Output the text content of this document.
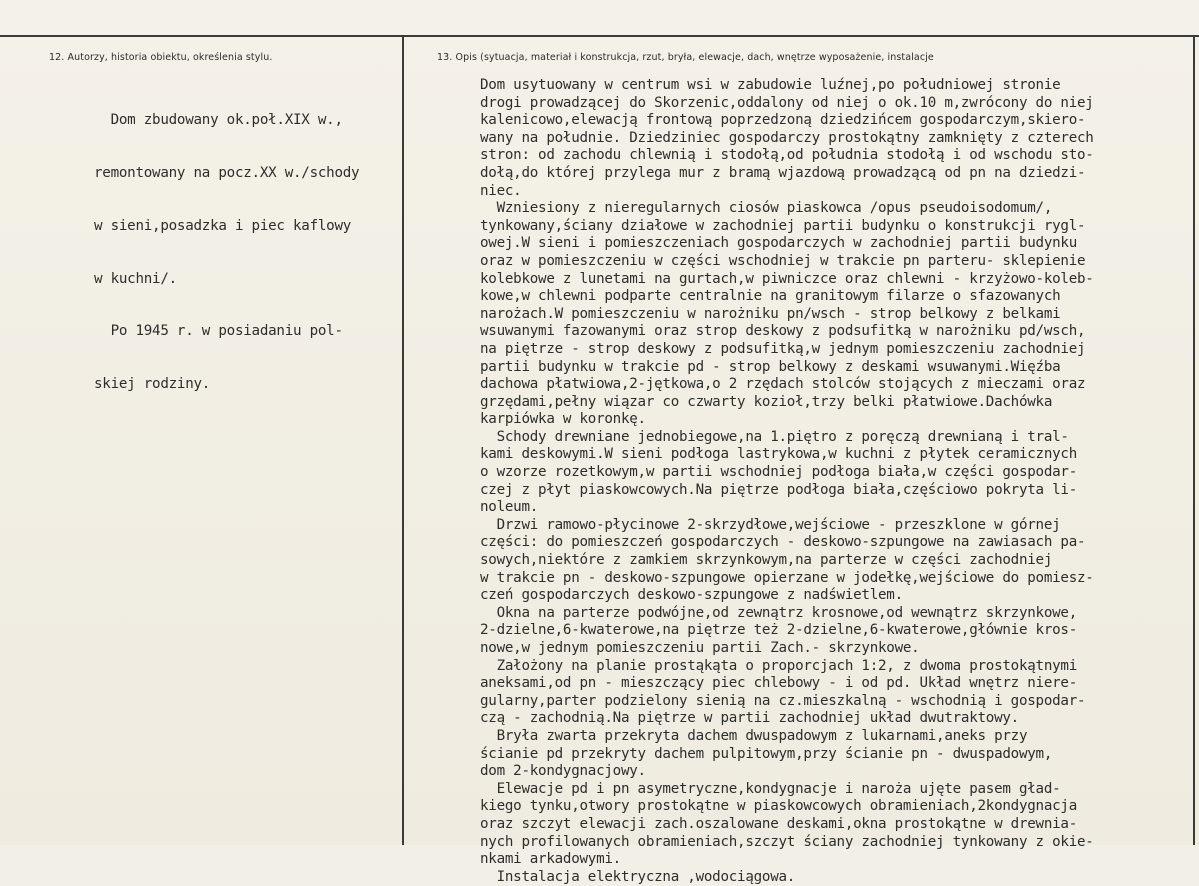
12. Autorzy, historia obiektu, określenia stylu.	13. Opis (sytuacja, materiał i konstrukcja, rzut, bryła, elewacje, dach, wnętrze wyposażenie, instalacje

Dom zbudowany ok.poł.XIX w.,

remontowany na pocz.XX w./schody

w sieni,posadzka i piec kaflowy

w kuchni/.

Po 1945 r. w posiadaniu pol-

skiej rodziny.

Dom usytuowany w centrum wsi w zabudowie luźnej,po południowej stronie
drogi prowadzącej do Skorzenic,oddalony od niej o ok.10 m,zwrócony do niej
kalenicowo,elewacją frontową poprzedzoną dziedzińcem gospodarczym,skiero-
wany na południe. Dziedziniec gospodarczy prostokątny zamknięty z czterech
stron: od zachodu chlewnią i stodołą,od południa stodołą i od wschodu sto-
dołą,do której przylega mur z bramą wjazdową prowadzącą od pn na dziedzi-
niec.
Wzniesiony z nieregularnych ciosów piaskowca /opus pseudoisodomum/,
tynkowany,ściany działowe w zachodniej partii budynku o konstrukcji rygl-
owej.W sieni i pomieszczeniach gospodarczych w zachodniej partii budynku
oraz w pomieszczeniu w części wschodniej w trakcie pn parteru- sklepienie
kolebkowe z lunetami na gurtach,w piwniczce oraz chlewni - krzyżowo-koleb-
kowe,w chlewni podparte centralnie na granitowym filarze o sfazowanych
narożach.W pomieszczeniu w narożniku pn/wsch - strop belkowy z belkami
wsuwanymi fazowanymi oraz strop deskowy z podsufitką w narożniku pd/wsch,
na piętrze - strop deskowy z podsufitką,w jednym pomieszczeniu zachodniej
partii budynku w trakcie pd - strop belkowy z deskami wsuwanymi.Więźba
dachowa płatwiowa,2-jętkowa,o 2 rzędach stolców stojących z mieczami oraz
grzędami,pełny wiązar co czwarty kozioł,trzy belki płatwiowe.Dachówka
karpiówka w koronkę.
Schody drewniane jednobiegowe,na 1.piętro z poręczą drewnianą i tral-
kami deskowymi.W sieni podłoga lastrykowa,w kuchni z płytek ceramicznych
o wzorze rozetkowym,w partii wschodniej podłoga biała,w części gospodar-
czej z płyt piaskowcowych.Na piętrze podłoga biała,częściowo pokryta li-
noleum.
Drzwi ramowo-płycinowe 2-skrzydłowe,wejściowe - przeszklone w górnej
części: do pomieszczeń gospodarczych - deskowo-szpungowe na zawiasach pa-
sowych,niektóre z zamkiem skrzynkowym,na parterze w części zachodniej
w trakcie pn - deskowo-szpungowe opierzane w jodełkę,wejściowe do pomiesz-
czeń gospodarczych deskowo-szpungowe z nadświetlem.
Okna na parterze podwójne,od zewnątrz krosnowe,od wewnątrz skrzynkowe,
2-dzielne,6-kwaterowe,na piętrze też 2-dzielne,6-kwaterowe,głównie kros-
nowe,w jednym pomieszczeniu partii Zach.- skrzynkowe.
Założony na planie prostąkąta o proporcjach 1:2, z dwoma prostokątnymi
aneksami,od pn - mieszczący piec chlebowy - i od pd. Układ wnętrz niere-
gularny,parter podzielony sienią na cz.mieszkalną - wschodnią i gospodar-
czą - zachodnią.Na piętrze w partii zachodniej układ dwutraktowy.
Bryła zwarta przekryta dachem dwuspadowym z lukarnami,aneks przy
ścianie pd przekryty dachem pulpitowym,przy ścianie pn - dwuspadowym,
dom 2-kondygnacjowy.
Elewacje pd i pn asymetryczne,kondygnacje i naroża ujęte pasem gład-
kiego tynku,otwory prostokątne w piaskowcowych obramieniach,2kondygnacja
oraz szczyt elewacji zach.oszalowane deskami,okna prostokątne w drewnia-
nych profilowanych obramieniach,szczyt ściany zachodniej tynkowany z okie-
nkami arkadowymi.
Instalacja elektryczna ,wodociągowa.
